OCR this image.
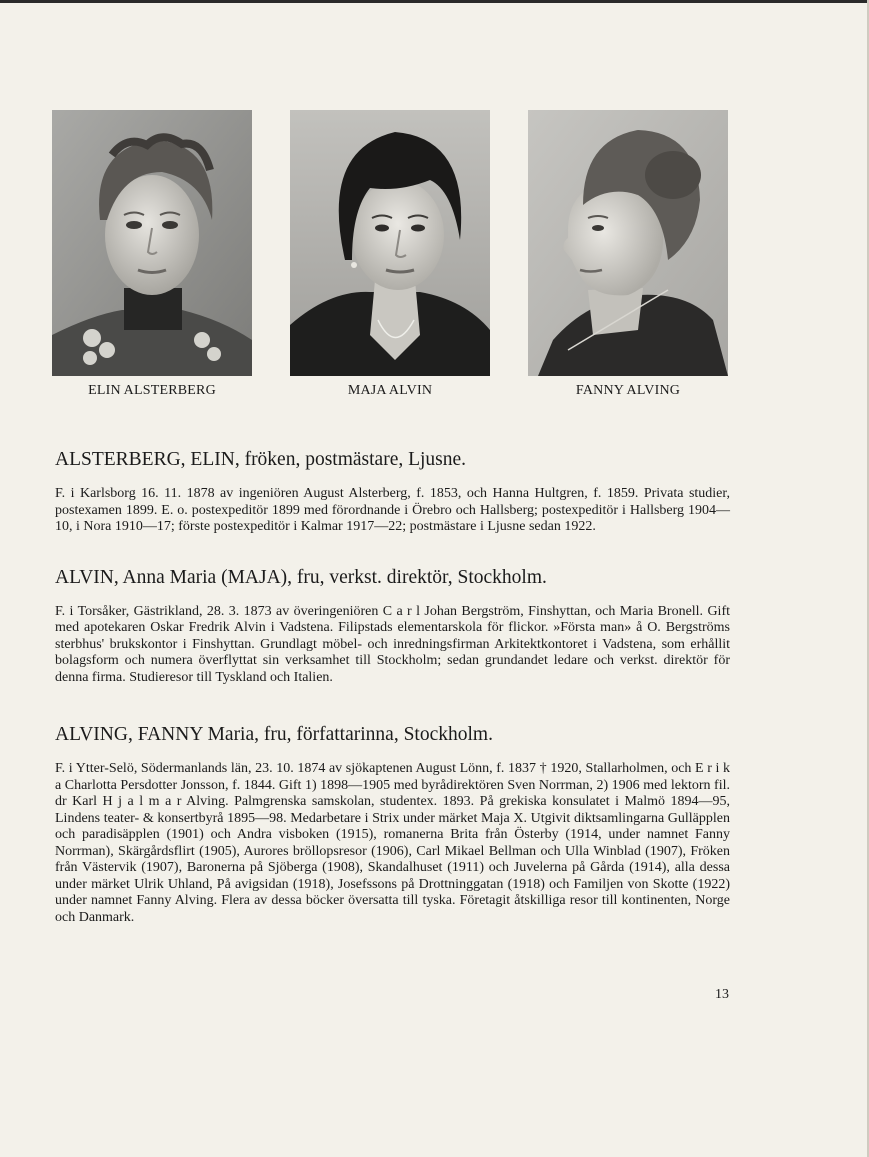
ELIN ALSTERBERG	MAJA ALVIN	FANNY ALVING

ALSTERBERG, ELIN, fröken, postmästare, Ljusne.

F. i Karlsborg 16. 11. 1878 av ingeniören August Alsterberg, f. 1853, och Hanna Hultgren, f. 1859. Privata studier, postexamen 1899. E. o. postexpeditör 1899 med förordnande i Örebro och Hallsberg; postexpeditör i Hallsberg 1904—10, i Nora 1910—17; förste postexpeditör i Kalmar 1917—22; postmästare i Ljusne sedan 1922.

ALVIN, Anna Maria (MAJA), fru, verkst. direktör, Stockholm.

F. i Torsåker, Gästrikland, 28. 3. 1873 av överingeniören C a r l Johan Bergström, Finshyttan, och Maria Bronell. Gift med apotekaren Oskar Fredrik Alvin i Vadstena. Filipstads elementarskola för flickor. »Första man» å O. Bergströms sterbhus' brukskontor i Finshyttan. Grundlagt möbel- och inredningsfirman Arkitektkontoret i Vadstena, som erhållit bolagsform och numera överflyttat sin verksamhet till Stockholm; sedan grundandet ledare och verkst. direktör för denna firma. Studieresor till Tyskland och Italien.

ALVING, FANNY Maria, fru, författarinna, Stockholm.

F. i Ytter-Selö, Södermanlands län, 23. 10. 1874 av sjökaptenen August Lönn, f. 1837 † 1920, Stallarholmen, och E r i k a Charlotta Persdotter Jonsson, f. 1844. Gift 1) 1898—1905 med byrådirektören Sven Norrman, 2) 1906 med lektorn fil. dr Karl H j a l m a r Alving. Palmgrenska samskolan, studentex. 1893. På grekiska konsulatet i Malmö 1894—95, Lindens teater- & konsertbyrå 1895—98. Medarbetare i Strix under märket Maja X. Utgivit diktsamlingarna Gulläpplen och paradisäpplen (1901) och Andra visboken (1915), romanerna Brita från Österby (1914, under namnet Fanny Norrman), Skärgårdsflirt (1905), Aurores bröllopsresor (1906), Carl Mikael Bellman och Ulla Winblad (1907), Fröken från Västervik (1907), Baronerna på Sjöberga (1908), Skandalhuset (1911) och Juvelerna på Gårda (1914), alla dessa under märket Ulrik Uhland, På avigsidan (1918), Josefssons på Drottninggatan (1918) och Familjen von Skotte (1922) under namnet Fanny Alving. Flera av dessa böcker översatta till tyska. Företagit åtskilliga resor till kontinenten, Norge och Danmark.

13
